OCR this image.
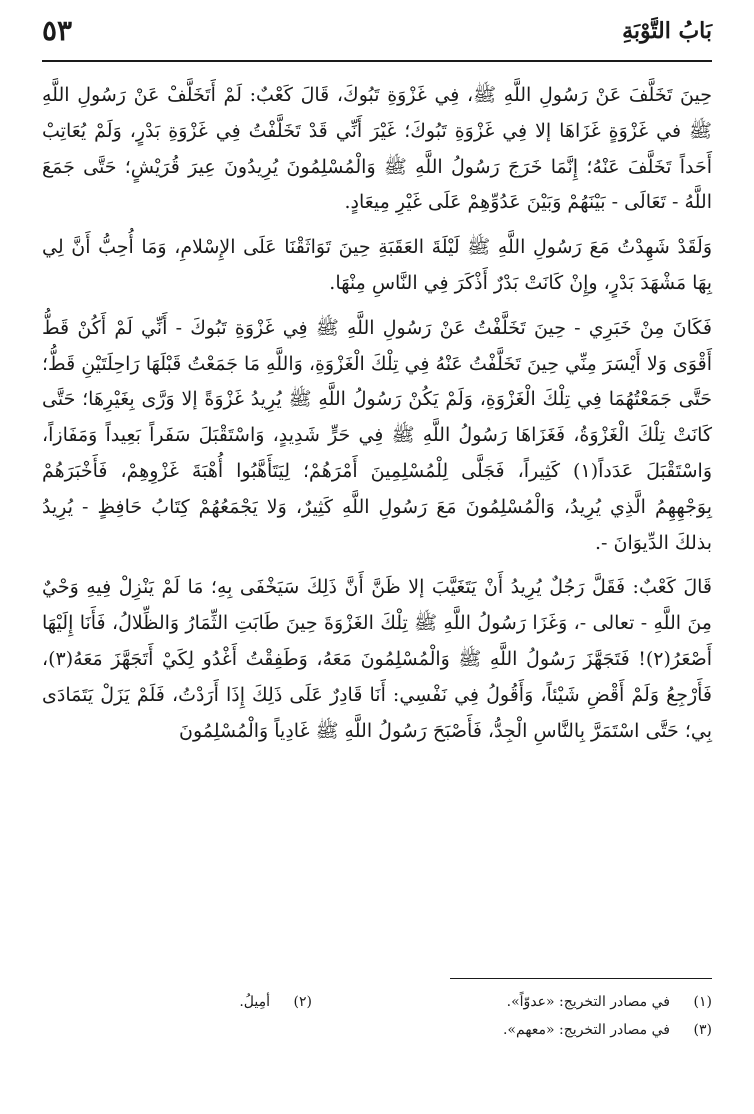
بَابُ التَّوْبَةِ
٥٣

حِينَ تَخَلَّفَ عَنْ رَسُولِ اللَّهِ ﷺ، فِي غَزْوَةِ تَبُوكَ، قَالَ كَعْبٌ: لَمْ أَتَخَلَّفْ عَنْ رَسُولِ اللَّهِ ﷺ في غَزْوَةٍ غَزَاهَا إلا فِي غَزْوَةِ تَبُوكَ؛ غَيْرَ أَنِّي قَدْ تَخَلَّفْتُ فِي غَزْوَةِ بَدْرٍ، وَلَمْ يُعَاتِبْ أَحَداً تَخَلَّفَ عَنْهُ؛ إِنَّمَا خَرَجَ رَسُولُ اللَّهِ ﷺ وَالْمُسْلِمُونَ يُرِيدُونَ عِيرَ قُرَيْشٍ؛ حَتَّى جَمَعَ اللَّهُ - تَعَالَى - بَيْنَهُمْ وَبَيْنَ عَدُوِّهِمْ عَلَى غَيْرِ مِيعَادٍ.

وَلَقَدْ شَهِدْتُ مَعَ رَسُولِ اللَّهِ ﷺ لَيْلَةَ العَقَبَةِ حِينَ تَوَاثَقْنَا عَلَى الإِسْلامِ، وَمَا أُحِبُّ أَنَّ لِي بِهَا مَشْهَدَ بَدْرٍ، وإِنْ كَانَتْ بَدْرٌ أَذْكَرَ فِي النَّاسِ مِنْهَا.

فَكَانَ مِنْ خَبَرِي - حِينَ تَخَلَّفْتُ عَنْ رَسُولِ اللَّهِ ﷺ فِي غَزْوَةِ تَبُوكَ - أَنِّي لَمْ أَكُنْ قَطُّ أَقْوَى وَلا أَيْسَرَ مِنِّي حِينَ تَخَلَّفْتُ عَنْهُ فِي تِلْكَ الْغَزْوَةِ، وَاللَّهِ مَا جَمَعْتُ قَبْلَهَا رَاحِلَتَيْنِ قَطُّ؛ حَتَّى جَمَعْتُهُمَا فِي تِلْكَ الْغَزْوَةِ، وَلَمْ يَكُنْ رَسُولُ اللَّهِ ﷺ يُرِيدُ غَزْوَةً إلا وَرَّى بِغَيْرِهَا؛ حَتَّى كَانَتْ تِلْكَ الْغَزْوَةُ، فَغَزَاهَا رَسُولُ اللَّهِ ﷺ فِي حَرٍّ شَدِيدٍ، وَاسْتَقْبَلَ سَفَراً بَعِيداً وَمَفَازاً، وَاسْتَقْبَلَ عَدَداً(١) كَثِيراً، فَجَلَّى لِلْمُسْلِمِينَ أَمْرَهُمْ؛ لِيَتَأَهَّبُوا أُهْبَةَ غَزْوِهِمْ، فَأَخْبَرَهُمْ بِوَجْهِهِمُ الَّذِي يُرِيدُ، وَالْمُسْلِمُونَ مَعَ رَسُولِ اللَّهِ كَثِيرٌ، وَلا يَجْمَعُهُمْ كِتَابُ حَافِظٍ - يُرِيدُ بذلكَ الدِّيوَانَ -.

قَالَ كَعْبٌ: فَقَلَّ رَجُلٌ يُرِيدُ أَنْ يَتَغَيَّبَ إلا ظَنَّ أَنَّ ذَلِكَ سَيَخْفَى بِهِ؛ مَا لَمْ يَنْزِلْ فِيهِ وَحْيٌ مِنَ اللَّهِ - تعالى -، وَغَزَا رَسُولُ اللَّهِ ﷺ تِلْكَ الغَزْوَةَ حِينَ طَابَتِ الثِّمَارُ وَالظِّلالُ، فَأَنَا إِلَيْهَا أَصْعَرُ(٢)! فَتَجَهَّزَ رَسُولُ اللَّهِ ﷺ وَالْمُسْلِمُونَ مَعَهُ، وَطَفِقْتُ أَغْدُو لِكَيْ أَتَجَهَّزَ مَعَهُ(٣)، فَأَرْجِعُ وَلَمْ أَقْضِ شَيْئاً، وَأَقُولُ فِي نَفْسِي: أَنَا قَادِرٌ عَلَى ذَلِكَ إِذَا أَرَدْتُ، فَلَمْ يَزَلْ يَتَمَادَى بِي؛ حَتَّى اسْتَمَرَّ بِالنَّاسِ الْجِدُّ، فَأَصْبَحَ رَسُولُ اللَّهِ ﷺ غَادِياً وَالْمُسْلِمُونَ

(١)
في مصادر التخريج: «عدوّاً».
(٢)
أمِيلُ.
(٣)
في مصادر التخريج: «معهم».
